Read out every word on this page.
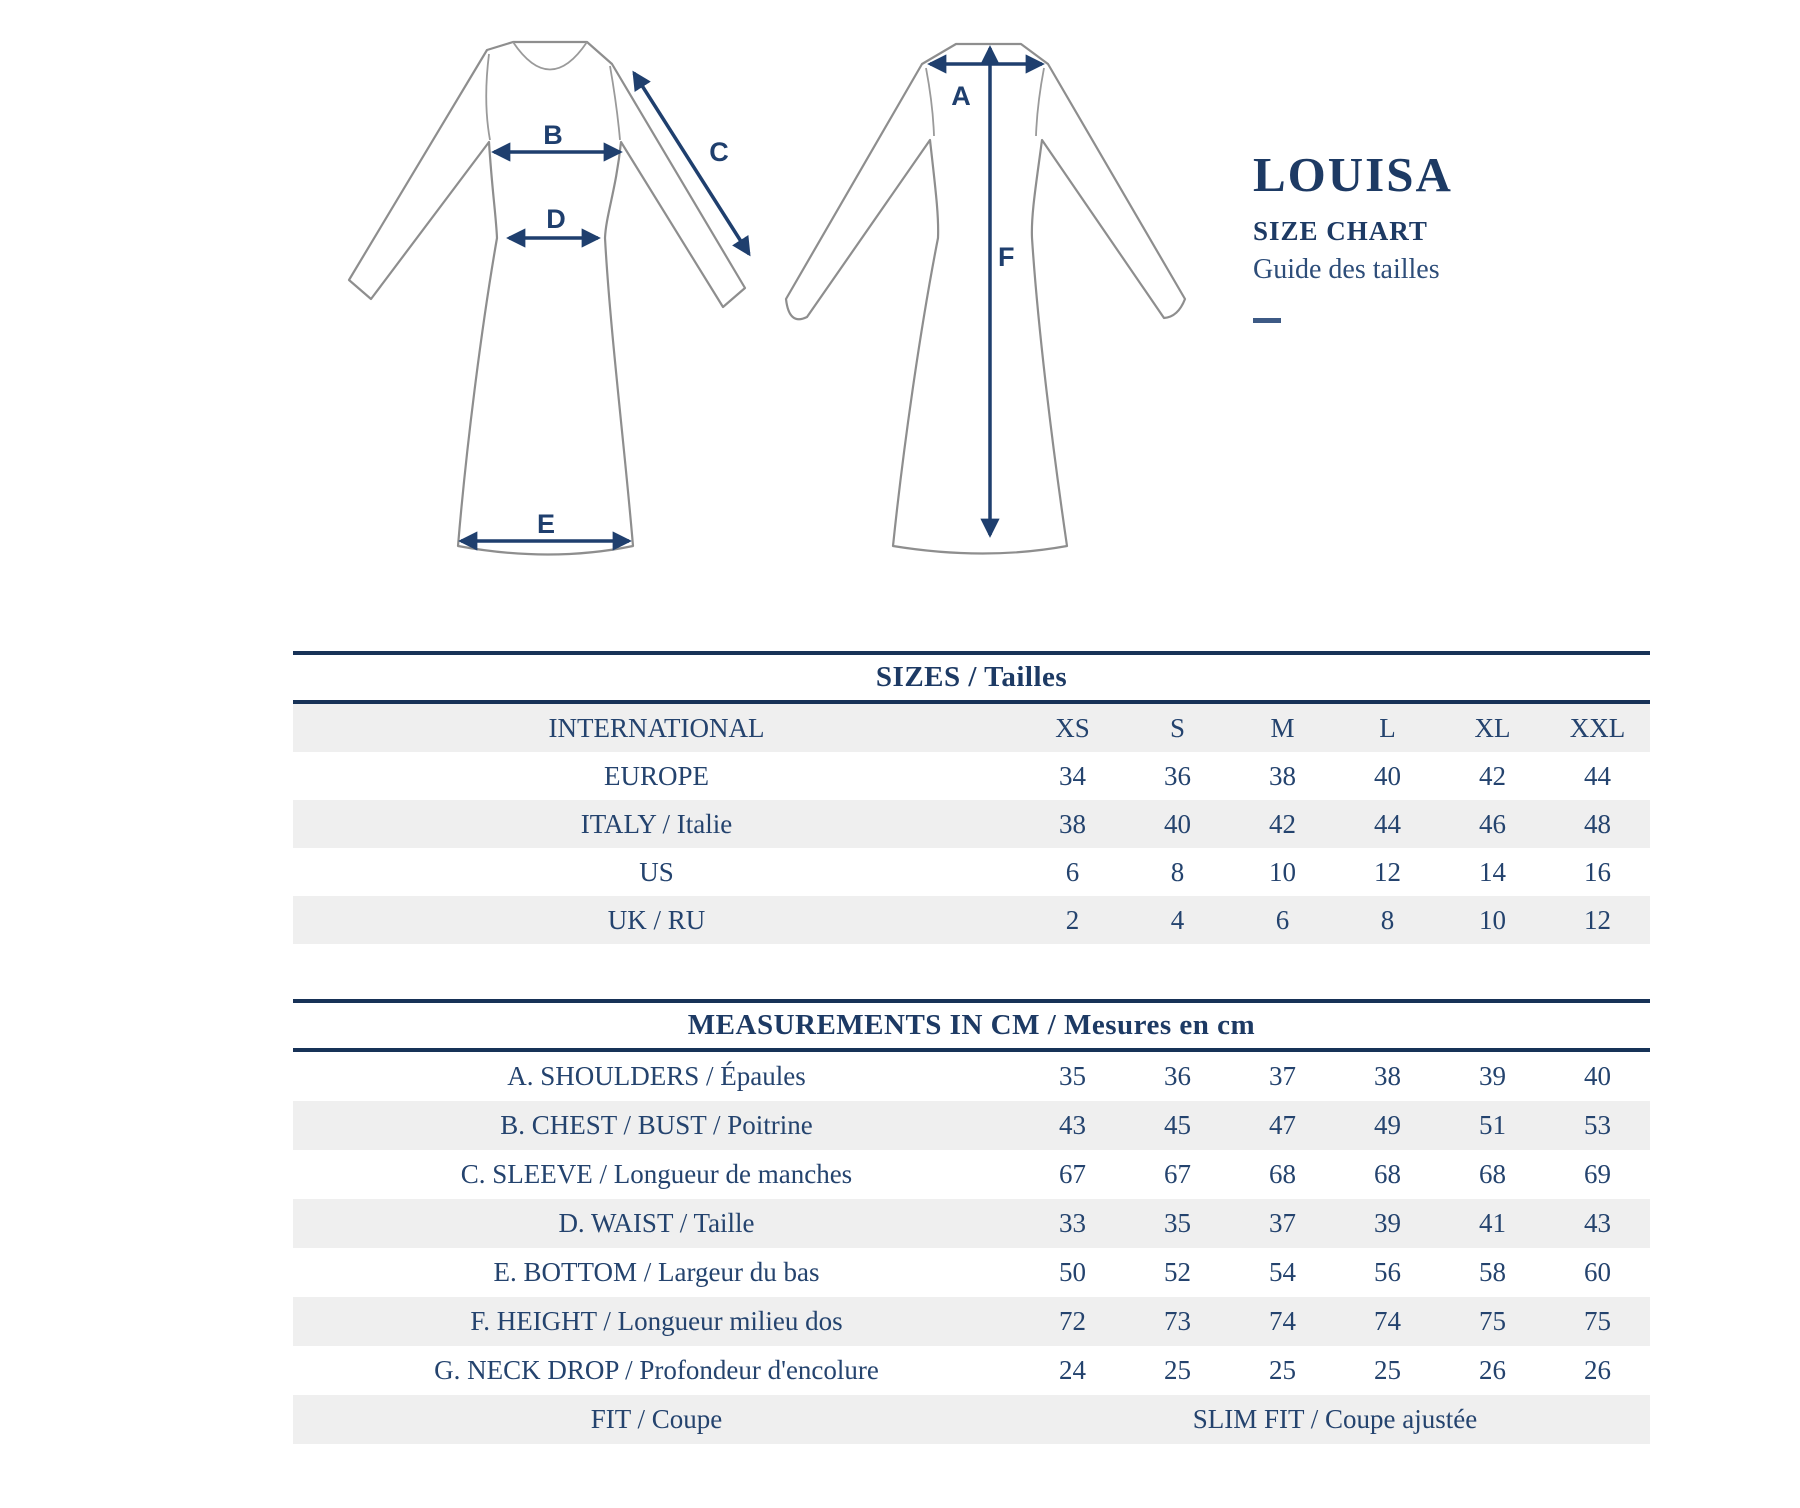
B
C
D
E
A
F
LOUISA
SIZE CHART
Guide des tailles
SIZES / Tailles						
INTERNATIONAL	XS	S	M	L	XL	XXL
EUROPE	34	36	38	40	42	44
ITALY / Italie	38	40	42	44	46	48
US	6	8	10	12	14	16
UK / RU	2	4	6	8	10	12
MEASUREMENTS IN CM / Mesures en cm						
A. SHOULDERS / Épaules	35	36	37	38	39	40
B. CHEST / BUST / Poitrine	43	45	47	49	51	53
C. SLEEVE / Longueur de manches	67	67	68	68	68	69
D. WAIST / Taille	33	35	37	39	41	43
E. BOTTOM / Largeur du bas	50	52	54	56	58	60
F. HEIGHT / Longueur milieu dos	72	73	74	74	75	75
G. NECK DROP / Profondeur d'encolure	24	25	25	25	26	26
FIT / Coupe	SLIM FIT / Coupe ajustée					
